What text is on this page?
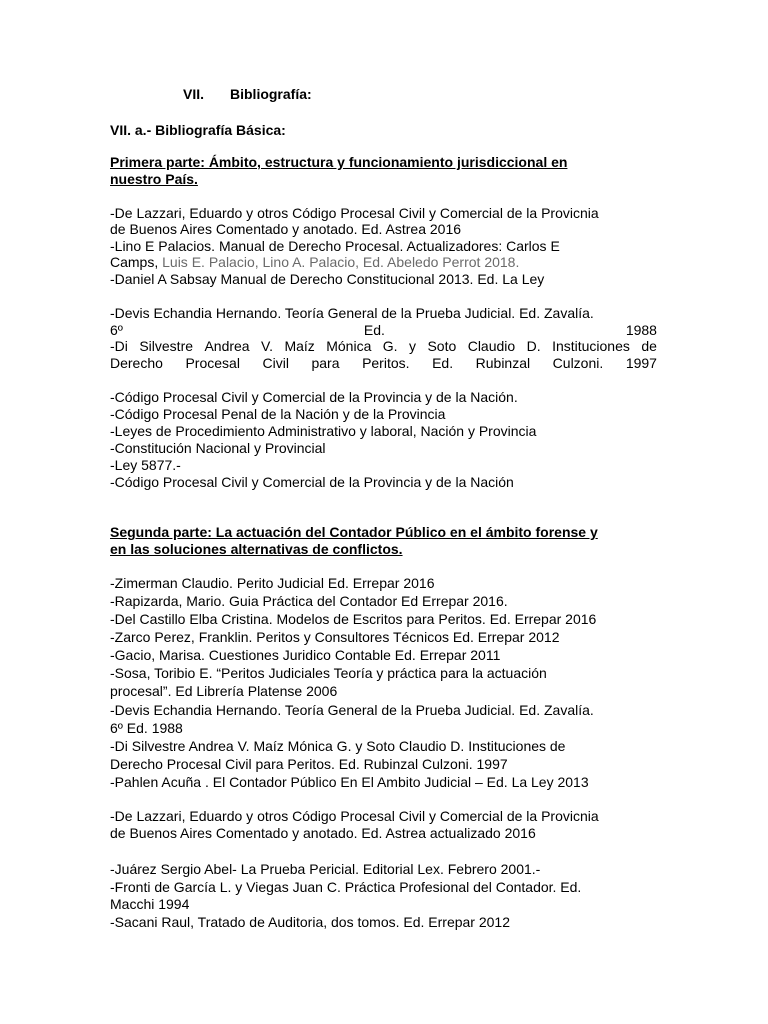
VII. Bibliografía:

VII. a.- Bibliografía Básica:

Primera parte: Ámbito, estructura y funcionamiento jurisdiccional en

nuestro País.

-De Lazzari, Eduardo y otros Código Procesal Civil y Comercial de la Provicnia

de Buenos Aires Comentado y anotado. Ed. Astrea 2016

-Lino E Palacios. Manual de Derecho Procesal. Actualizadores: Carlos E

Camps, Luis E. Palacio, Lino A. Palacio, Ed. Abeledo Perrot 2018.

-Daniel A Sabsay Manual de Derecho Constitucional 2013. Ed. La Ley

-Devis Echandia Hernando. Teoría General de la Prueba Judicial. Ed. Zavalía.

6º	Ed.	1988

-Di Silvestre Andrea V. Maíz Mónica G. y Soto Claudio D. Instituciones de

Derecho Procesal Civil para Peritos. Ed. Rubinzal Culzoni. 1997

-Código Procesal Civil y Comercial de la Provincia y de la Nación.

-Código Procesal Penal de la Nación y de la Provincia

-Leyes de Procedimiento Administrativo y laboral, Nación y Provincia

-Constitución Nacional y Provincial

-Ley 5877.-

-Código Procesal Civil y Comercial de la Provincia y de la Nación

Segunda parte: La actuación del Contador Público en el ámbito forense y

en las soluciones alternativas de conflictos.

-Zimerman Claudio. Perito Judicial Ed. Errepar 2016

-Rapizarda, Mario. Guia Práctica del Contador Ed Errepar 2016.

-Del Castillo Elba Cristina. Modelos de Escritos para Peritos. Ed. Errepar 2016

-Zarco Perez, Franklin. Peritos y Consultores Técnicos Ed. Errepar 2012

-Gacio, Marisa. Cuestiones Juridico Contable Ed. Errepar 2011

-Sosa, Toribio E. “Peritos Judiciales Teoría y práctica para la actuación

procesal”. Ed Librería Platense 2006

-Devis Echandia Hernando. Teoría General de la Prueba Judicial. Ed. Zavalía.

6º Ed. 1988

-Di Silvestre Andrea V. Maíz Mónica G. y Soto Claudio D. Instituciones de

Derecho Procesal Civil para Peritos. Ed. Rubinzal Culzoni. 1997

-Pahlen Acuña . El Contador Público En El Ambito Judicial – Ed. La Ley 2013

-De Lazzari, Eduardo y otros Código Procesal Civil y Comercial de la Provicnia

de Buenos Aires Comentado y anotado. Ed. Astrea actualizado 2016

-Juárez Sergio Abel- La Prueba Pericial. Editorial Lex. Febrero 2001.-

-Fronti de García L. y Viegas Juan C. Práctica Profesional del Contador. Ed.

Macchi 1994

-Sacani Raul, Tratado de Auditoria, dos tomos. Ed. Errepar 2012
